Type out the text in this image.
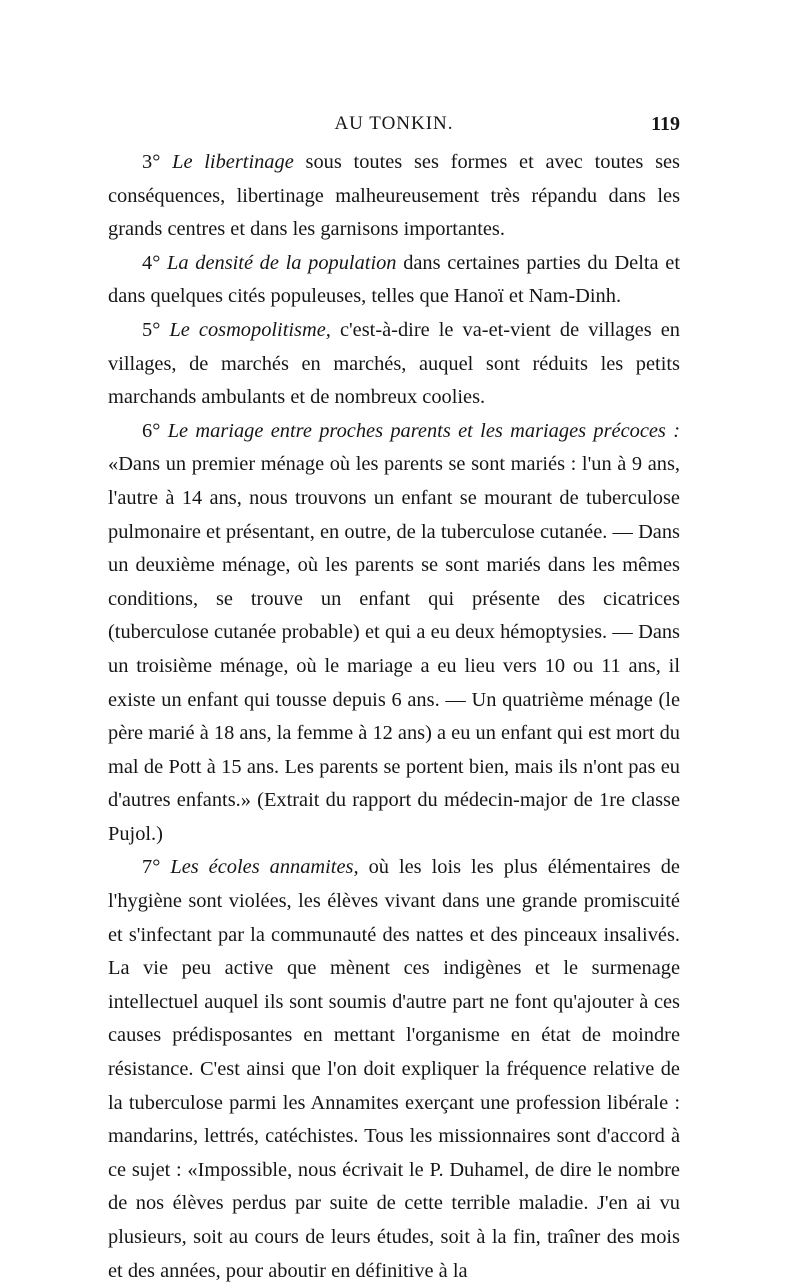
AU TONKIN.	119

3° Le libertinage sous toutes ses formes et avec toutes ses conséquences, libertinage malheureusement très répandu dans les grands centres et dans les garnisons importantes.

4° La densité de la population dans certaines parties du Delta et dans quelques cités populeuses, telles que Hanoï et Nam-Dinh.

5° Le cosmopolitisme, c'est-à-dire le va-et-vient de villages en villages, de marchés en marchés, auquel sont réduits les petits marchands ambulants et de nombreux coolies.

6° Le mariage entre proches parents et les mariages précoces : «Dans un premier ménage où les parents se sont mariés : l'un à 9 ans, l'autre à 14 ans, nous trouvons un enfant se mourant de tuberculose pulmonaire et présentant, en outre, de la tuberculose cutanée. — Dans un deuxième ménage, où les parents se sont mariés dans les mêmes conditions, se trouve un enfant qui présente des cicatrices (tuberculose cutanée probable) et qui a eu deux hémoptysies. — Dans un troisième ménage, où le mariage a eu lieu vers 10 ou 11 ans, il existe un enfant qui tousse depuis 6 ans. — Un quatrième ménage (le père marié à 18 ans, la femme à 12 ans) a eu un enfant qui est mort du mal de Pott à 15 ans. Les parents se portent bien, mais ils n'ont pas eu d'autres enfants.» (Extrait du rapport du médecin-major de 1re classe Pujol.)

7° Les écoles annamites, où les lois les plus élémentaires de l'hygiène sont violées, les élèves vivant dans une grande promiscuité et s'infectant par la communauté des nattes et des pinceaux insalivés. La vie peu active que mènent ces indigènes et le surmenage intellectuel auquel ils sont soumis d'autre part ne font qu'ajouter à ces causes prédisposantes en mettant l'organisme en état de moindre résistance. C'est ainsi que l'on doit expliquer la fréquence relative de la tuberculose parmi les Annamites exerçant une profession libérale : mandarins, lettrés, catéchistes. Tous les missionnaires sont d'accord à ce sujet : «Impossible, nous écrivait le P. Duhamel, de dire le nombre de nos élèves perdus par suite de cette terrible maladie. J'en ai vu plusieurs, soit au cours de leurs études, soit à la fin, traîner des mois et des années, pour aboutir en définitive à la
